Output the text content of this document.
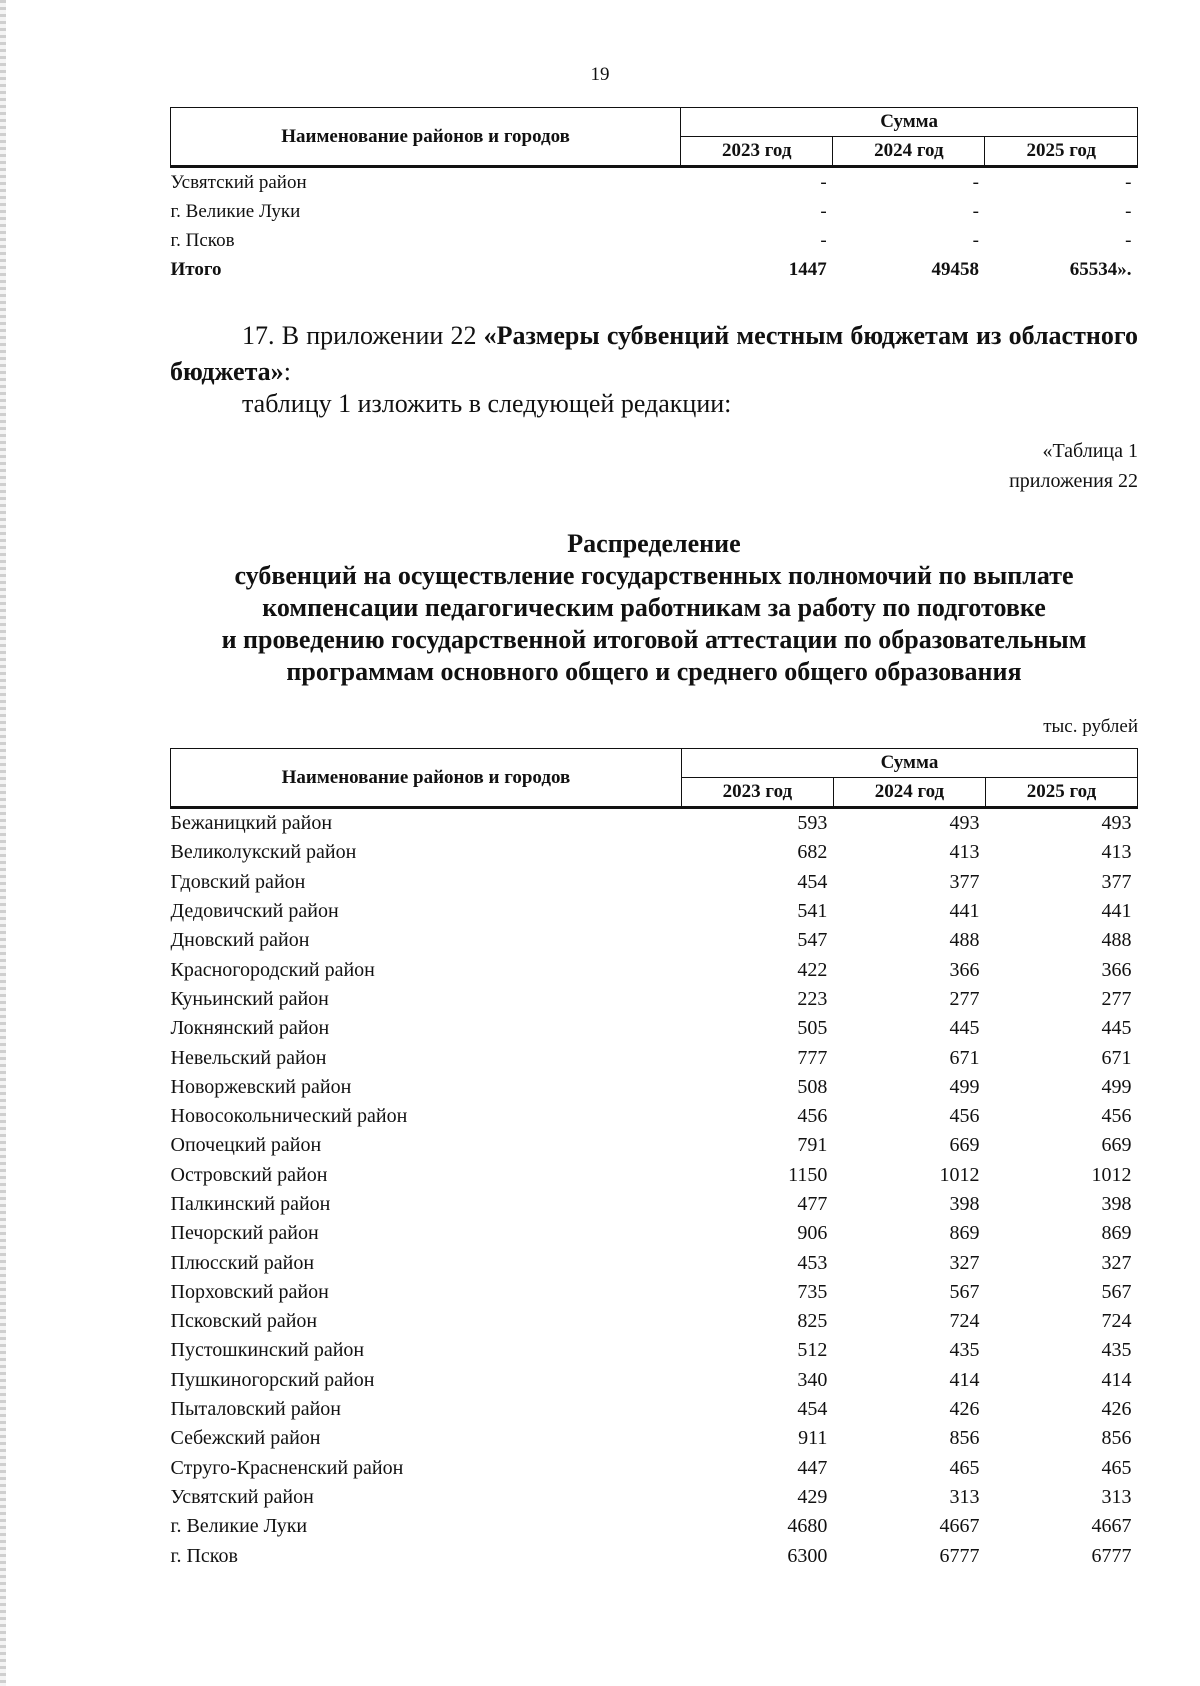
19
Наименование районов и городов	Сумма		
	2023 год	2024 год	2025 год
Усвятский район	-	-	-
г. Великие Луки	-	-	-
г. Псков	-	-	-
Итого	1447	49458	65534».
17. В приложении 22 «Размеры субвенций местным бюджетам из областного бюджета»:
таблицу 1 изложить в следующей редакции:
«Таблица 1
приложения 22
Распределение
субвенций на осуществление государственных полномочий по выплате
компенсации педагогическим работникам за работу по подготовке
и проведению государственной итоговой аттестации по образовательным
программам основного общего и среднего общего образования
тыс. рублей
Наименование районов и городов	Сумма		
	2023 год	2024 год	2025 год
Бежаницкий район	593	493	493
Великолукский район	682	413	413
Гдовский район	454	377	377
Дедовичский район	541	441	441
Дновский район	547	488	488
Красногородский район	422	366	366
Куньинский район	223	277	277
Локнянский район	505	445	445
Невельский район	777	671	671
Новоржевский район	508	499	499
Новосокольнический район	456	456	456
Опочецкий район	791	669	669
Островский район	1150	1012	1012
Палкинский район	477	398	398
Печорский район	906	869	869
Плюсский район	453	327	327
Порховский район	735	567	567
Псковский район	825	724	724
Пустошкинский район	512	435	435
Пушкиногорский район	340	414	414
Пыталовский район	454	426	426
Себежский район	911	856	856
Струго-Красненский район	447	465	465
Усвятский район	429	313	313
г. Великие Луки	4680	4667	4667
г. Псков	6300	6777	6777
